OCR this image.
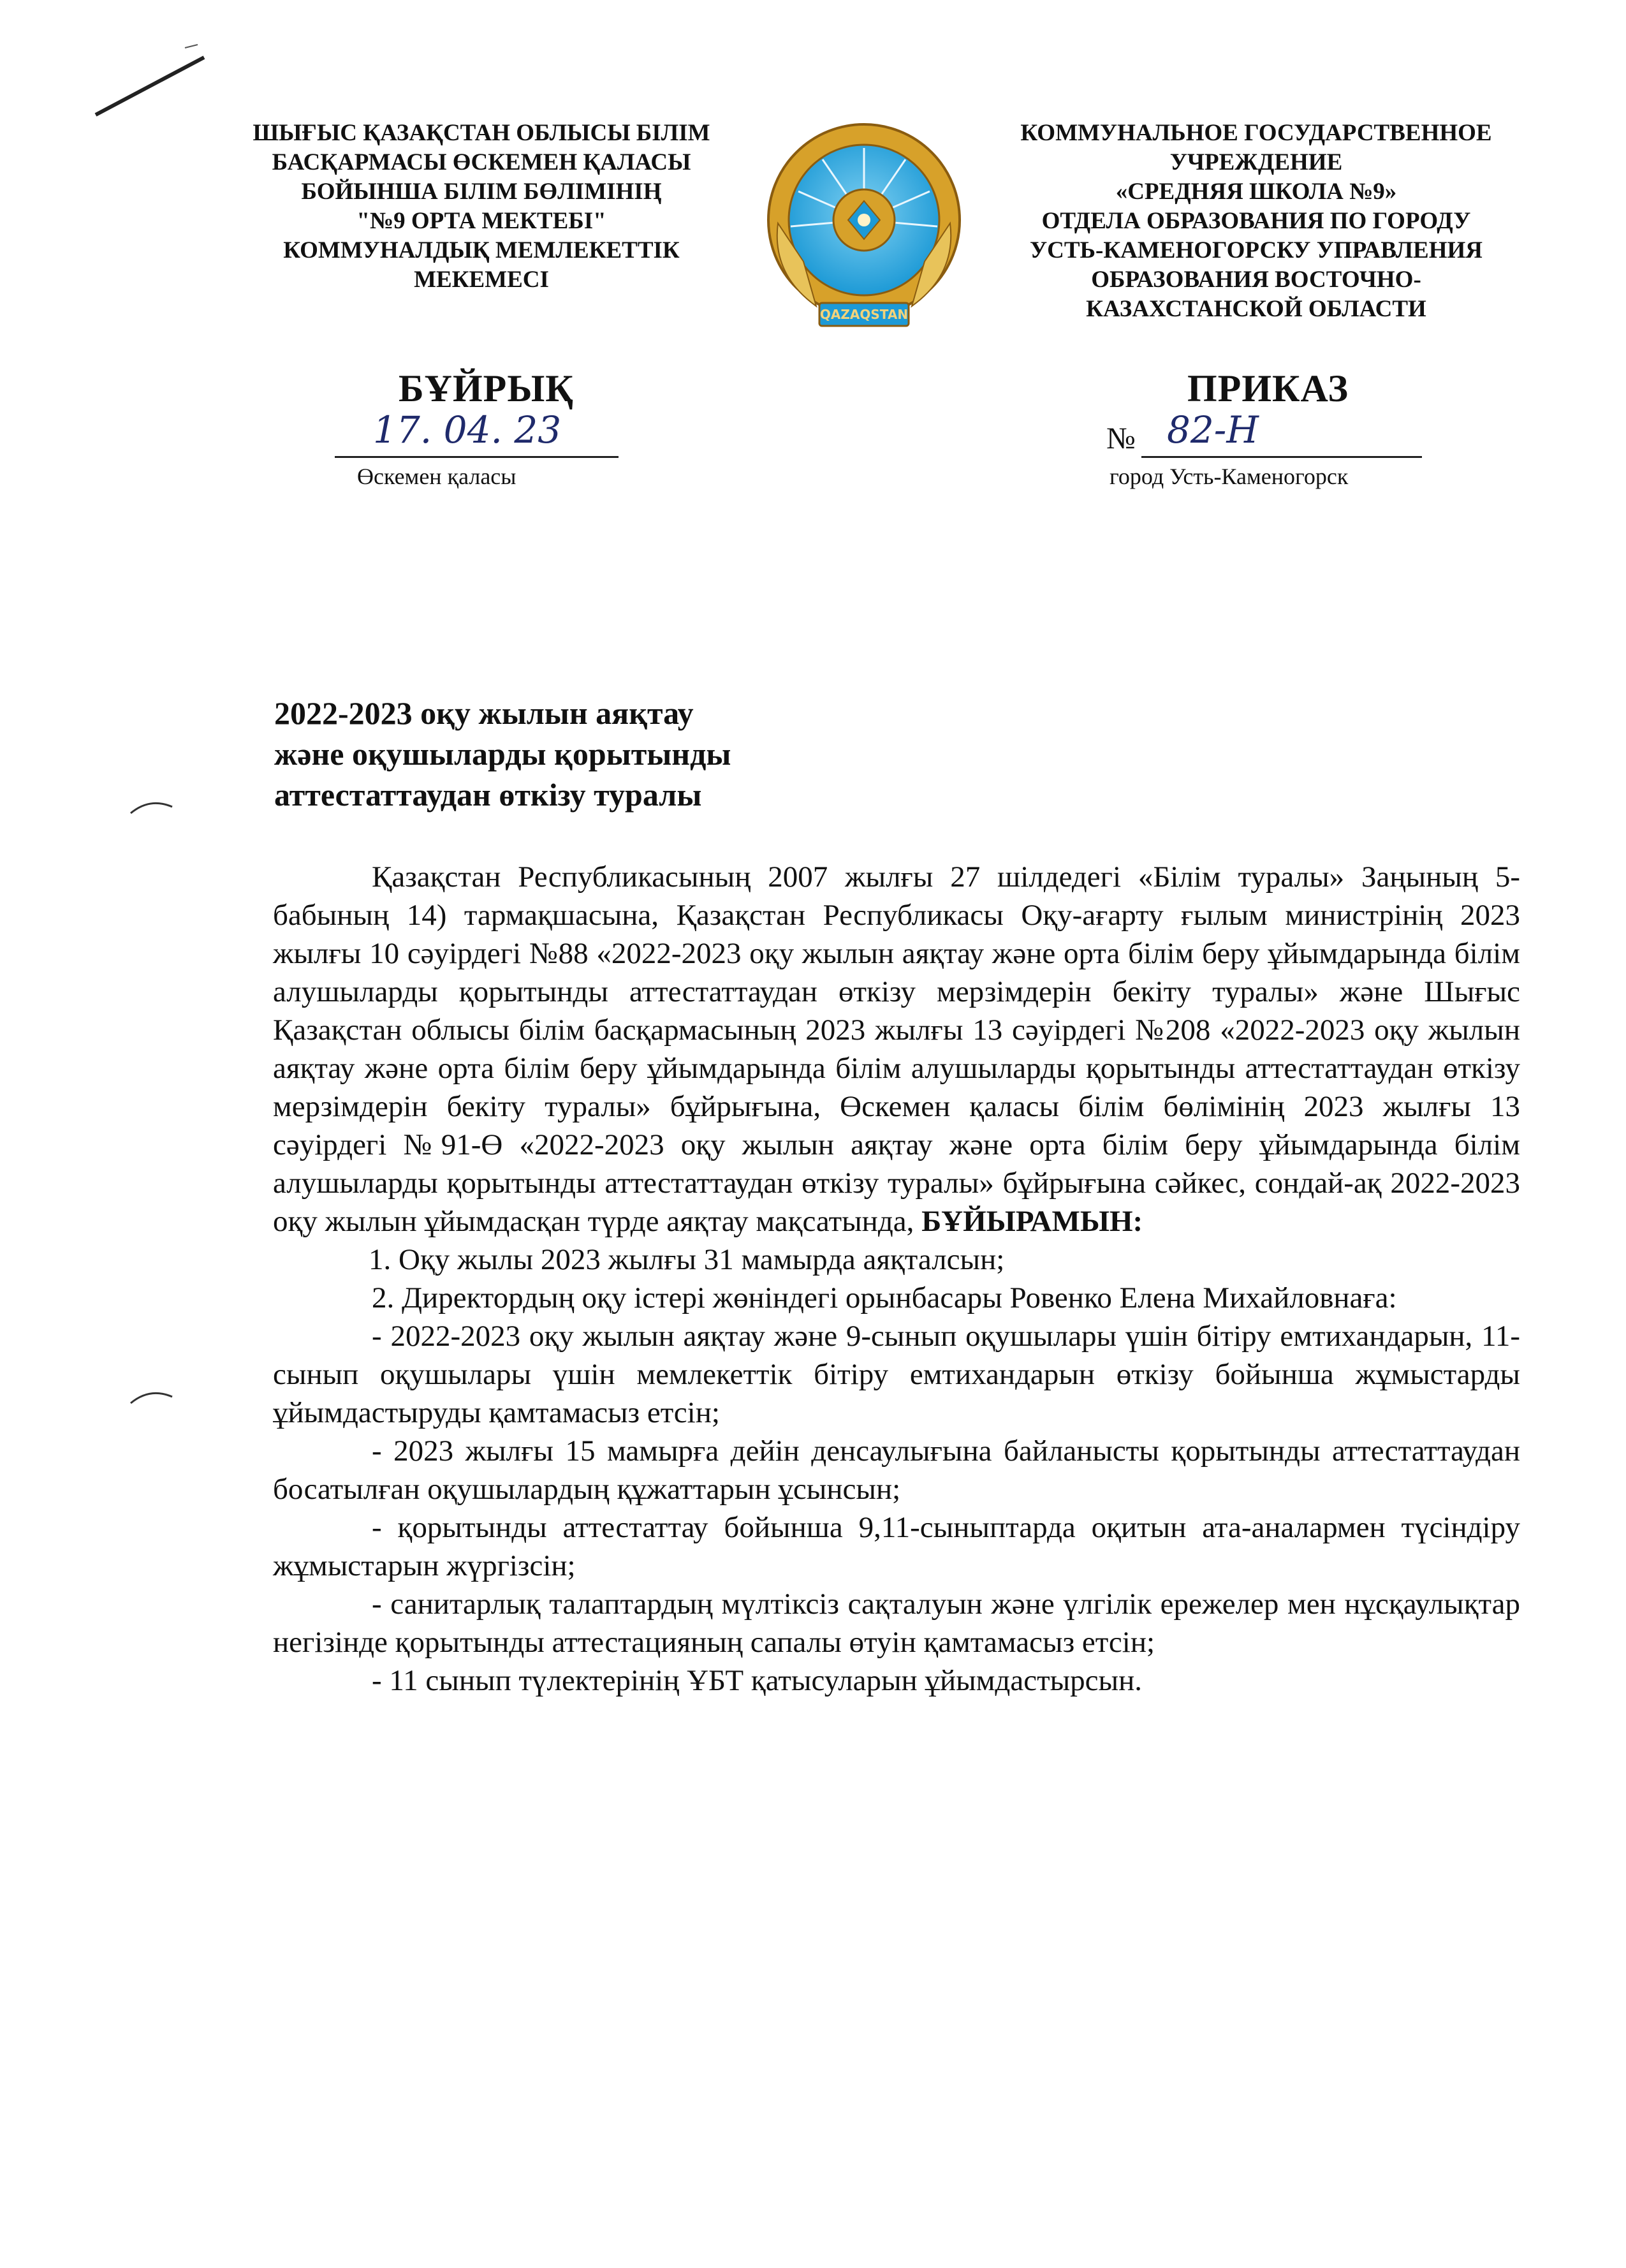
ШЫҒЫС ҚАЗАҚСТАН ОБЛЫСЫ БІЛІМ
БАСҚАРМАСЫ ӨСКЕМЕН ҚАЛАСЫ
БОЙЫНША БІЛІМ БӨЛІМІНІҢ
"№9 ОРТА МЕКТЕБІ"
КОММУНАЛДЫҚ МЕМЛЕКЕТТІК
МЕКЕМЕСІ
QAZAQSTAN
КОММУНАЛЬНОЕ ГОСУДАРСТВЕННОЕ
УЧРЕЖДЕНИЕ
«СРЕДНЯЯ ШКОЛА №9»
ОТДЕЛА ОБРАЗОВАНИЯ ПО ГОРОДУ
УСТЬ-КАМЕНОГОРСКУ УПРАВЛЕНИЯ
ОБРАЗОВАНИЯ ВОСТОЧНО-
КАЗАХСТАНСКОЙ ОБЛАСТИ
БҰЙРЫҚ	ПРИКАЗ
17. 04. 23
Өскемен қаласы
№ 82-Н
город Усть-Каменогорск
2022-2023 оқу жылын аяқтау
және оқушыларды қорытынды
аттестаттаудан өткізу туралы

Қазақстан Республикасының 2007 жылғы 27 шілдедегі «Білім туралы» Заңының 5-бабының 14) тармақшасына, Қазақстан Республикасы Оқу-ағарту ғылым министрінің 2023 жылғы 10 сәуірдегі №88 «2022-2023 оқу жылын аяқтау және орта білім беру ұйымдарында білім алушыларды қорытынды аттестаттаудан өткізу мерзімдерін бекіту туралы» және Шығыс Қазақстан облысы білім басқармасының 2023 жылғы 13 сәуірдегі №208 «2022-2023 оқу жылын аяқтау және орта білім беру ұйымдарында білім алушыларды қорытынды аттестаттаудан өткізу мерзімдерін бекіту туралы» бұйрығына, Өскемен қаласы білім бөлімінің 2023 жылғы 13 сәуірдегі №91-Ө «2022-2023 оқу жылын аяқтау және орта білім беру ұйымдарында білім алушыларды қорытынды аттестаттаудан өткізу туралы» бұйрығына сәйкес, сондай-ақ 2022-2023 оқу жылын ұйымдасқан түрде аяқтау мақсатында, БҰЙЫРАМЫН:

1. Оқу жылы 2023 жылғы 31 мамырда аяқталсын;

2. Директордың оқу істері жөніндегі орынбасары Ровенко Елена Михайловнаға:

- 2022-2023 оқу жылын аяқтау және 9-сынып оқушылары үшін бітіру емтихандарын, 11-сынып оқушылары үшін мемлекеттік бітіру емтихандарын өткізу бойынша жұмыстарды ұйымдастыруды қамтамасыз етсін;

- 2023 жылғы 15 мамырға дейін денсаулығына байланысты қорытынды аттестаттаудан босатылған оқушылардың құжаттарын ұсынсын;

- қорытынды аттестаттау бойынша 9,11-сыныптарда оқитын ата-аналармен түсіндіру жұмыстарын жүргізсін;

- санитарлық талаптардың мүлтіксіз сақталуын және үлгілік ережелер мен нұсқаулықтар негізінде қорытынды аттестацияның сапалы өтуін қамтамасыз етсін;

- 11 сынып түлектерінің ҰБТ қатысуларын ұйымдастырсын.
